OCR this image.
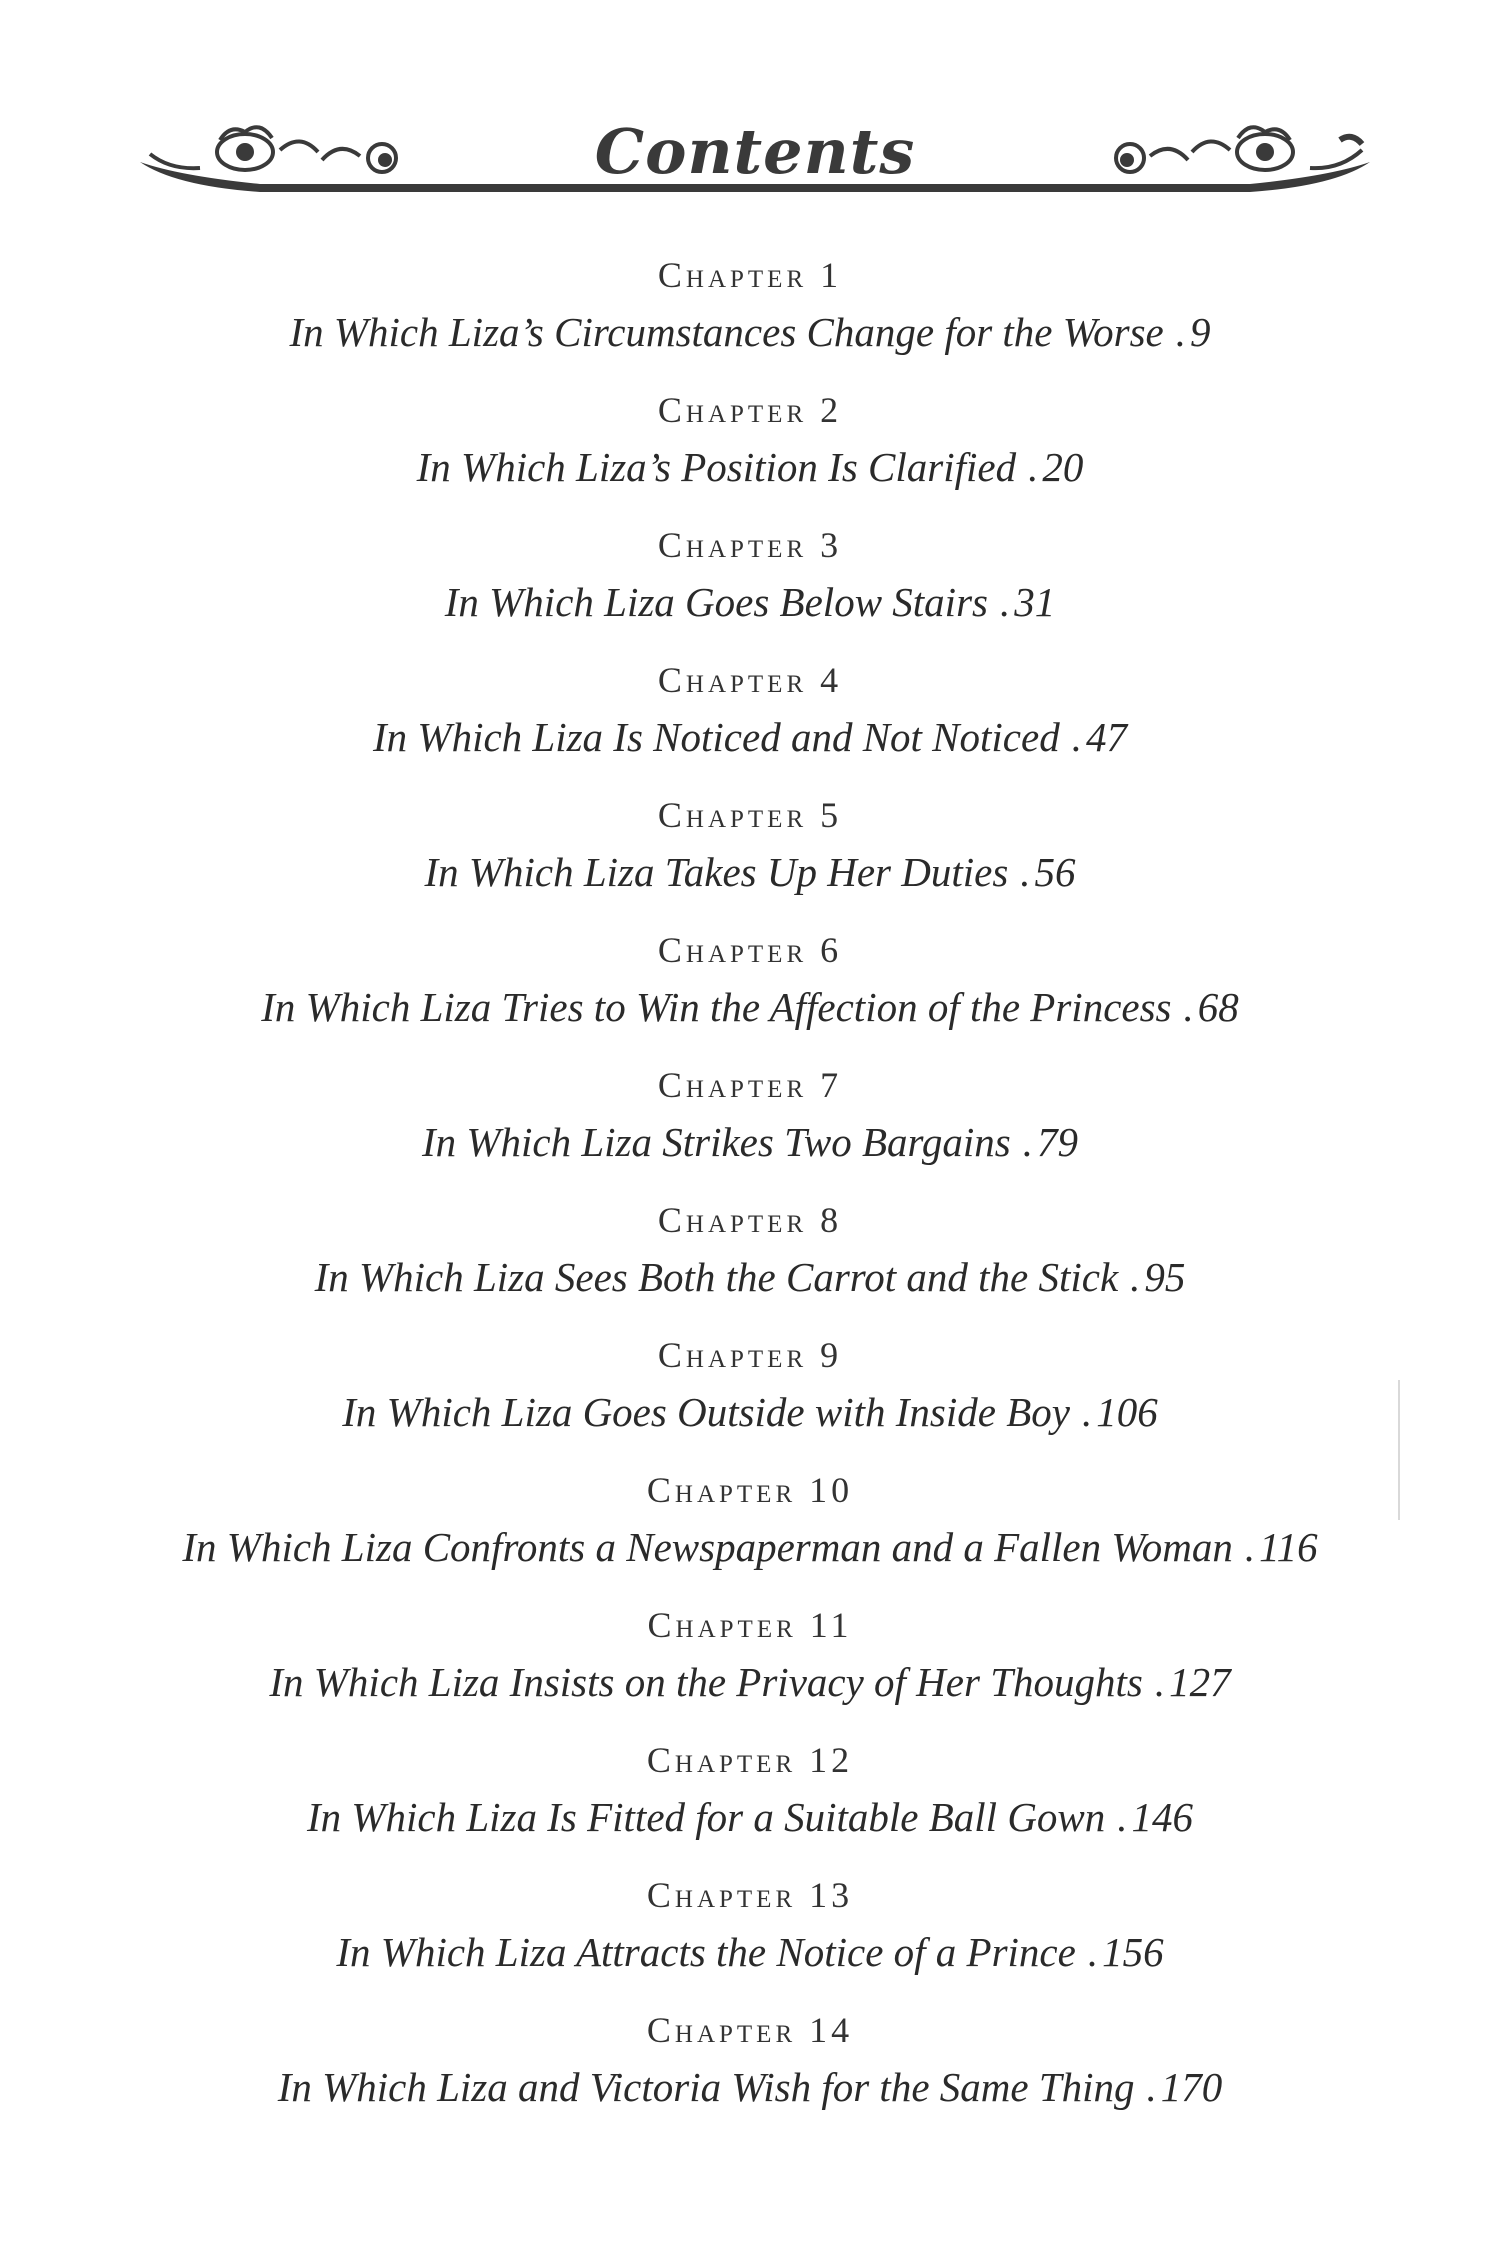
Contents
Chapter 1
In Which Liza’s Circumstances Change for the Worse .9
Chapter 2
In Which Liza’s Position Is Clarified .20
Chapter 3
In Which Liza Goes Below Stairs .31
Chapter 4
In Which Liza Is Noticed and Not Noticed .47
Chapter 5
In Which Liza Takes Up Her Duties .56
Chapter 6
In Which Liza Tries to Win the Affection of the Princess .68
Chapter 7
In Which Liza Strikes Two Bargains .79
Chapter 8
In Which Liza Sees Both the Carrot and the Stick .95
Chapter 9
In Which Liza Goes Outside with Inside Boy .106
Chapter 10
In Which Liza Confronts a Newspaperman and a Fallen Woman .116
Chapter 11
In Which Liza Insists on the Privacy of Her Thoughts .127
Chapter 12
In Which Liza Is Fitted for a Suitable Ball Gown .146
Chapter 13
In Which Liza Attracts the Notice of a Prince .156
Chapter 14
In Which Liza and Victoria Wish for the Same Thing .170
